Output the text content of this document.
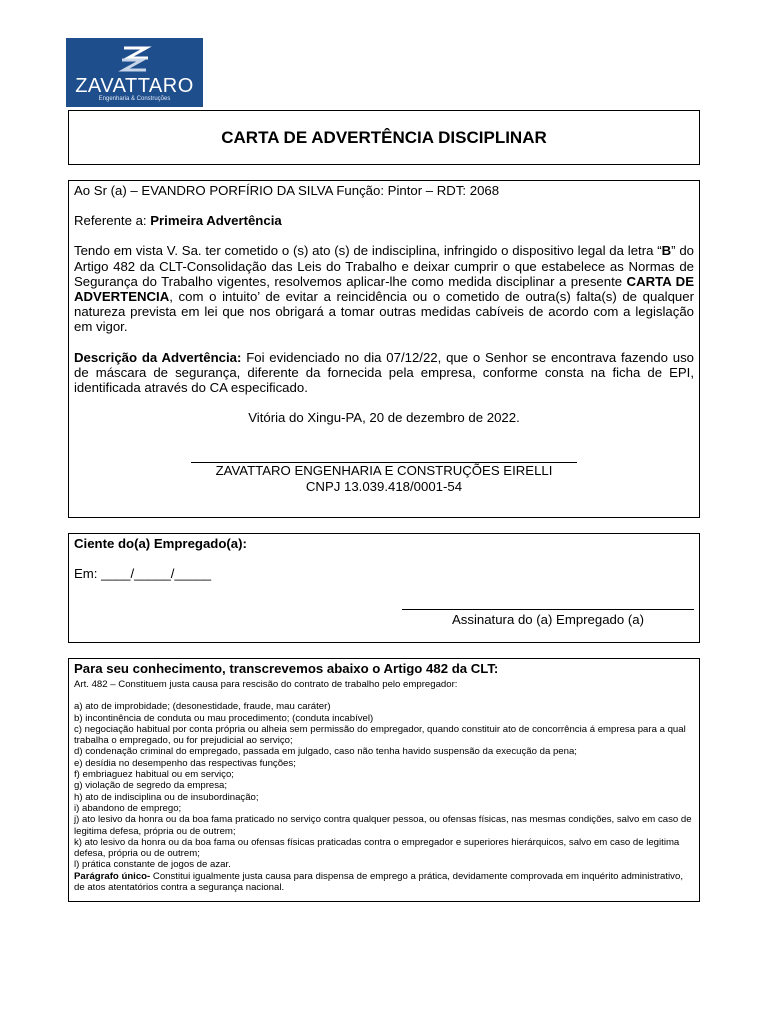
ZAVATTARO
Engenharia & Construções
CARTA DE ADVERTÊNCIA DISCIPLINAR

Ao Sr (a) – EVANDRO PORFÍRIO DA SILVA Função: Pintor – RDT: 2068

Referente a: Primeira Advertência

Tendo em vista V. Sa. ter cometido o (s) ato (s) de indisciplina, infringido o dispositivo legal da letra “B” do Artigo 482 da CLT-Consolidação das Leis do Trabalho e deixar cumprir o que estabelece as Normas de Segurança do Trabalho vigentes, resolvemos aplicar-lhe como medida disciplinar a presente CARTA DE ADVERTENCIA, com o intuito’ de evitar a reincidência ou o cometido de outra(s) falta(s) de qualquer natureza prevista em lei que nos obrigará a tomar outras medidas cabíveis de acordo com a legislação em vigor.

Descrição da Advertência: Foi evidenciado no dia 07/12/22, que o Senhor se encontrava fazendo uso de máscara de segurança, diferente da fornecida pela empresa, conforme consta na ficha de EPI, identificada através do CA especificado.

Vitória do Xingu-PA, 20 de dezembro de 2022.

ZAVATTARO ENGENHARIA E CONSTRUÇÕES EIRELLI

CNPJ 13.039.418/0001-54

Ciente do(a) Empregado(a):

Em: ____/_____/_____

Assinatura do (a) Empregado (a)

Para seu conhecimento, transcrevemos abaixo o Artigo 482 da CLT:

Art. 482 – Constituem justa causa para rescisão do contrato de trabalho pelo empregador:

a) ato de improbidade; (desonestidade, fraude, mau caráter)

b) incontinência de conduta ou mau procedimento; (conduta incabível)

c) negociação habitual por conta própria ou alheia sem permissão do empregador, quando constituir ato de concorrência á empresa para a qual trabalha o empregado, ou for prejudicial ao serviço;

d) condenação criminal do empregado, passada em julgado, caso não tenha havido suspensão da execução da pena;

e) desídia no desempenho das respectivas funções;

f) embriaguez habitual ou em serviço;

g) violação de segredo da empresa;

h) ato de indisciplina ou de insubordinação;

i) abandono de emprego;

j) ato lesivo da honra ou da boa fama praticado no serviço contra qualquer pessoa, ou ofensas físicas, nas mesmas condições, salvo em caso de legitima defesa, própria ou de outrem;

k) ato lesivo da honra ou da boa fama ou ofensas físicas praticadas contra o empregador e superiores hierárquicos, salvo em caso de legitima defesa, própria ou de outrem;

l) prática constante de jogos de azar.

Parágrafo único- Constitui igualmente justa causa para dispensa de emprego a prática, devidamente comprovada em inquérito administrativo, de atos atentatórios contra a segurança nacional.
